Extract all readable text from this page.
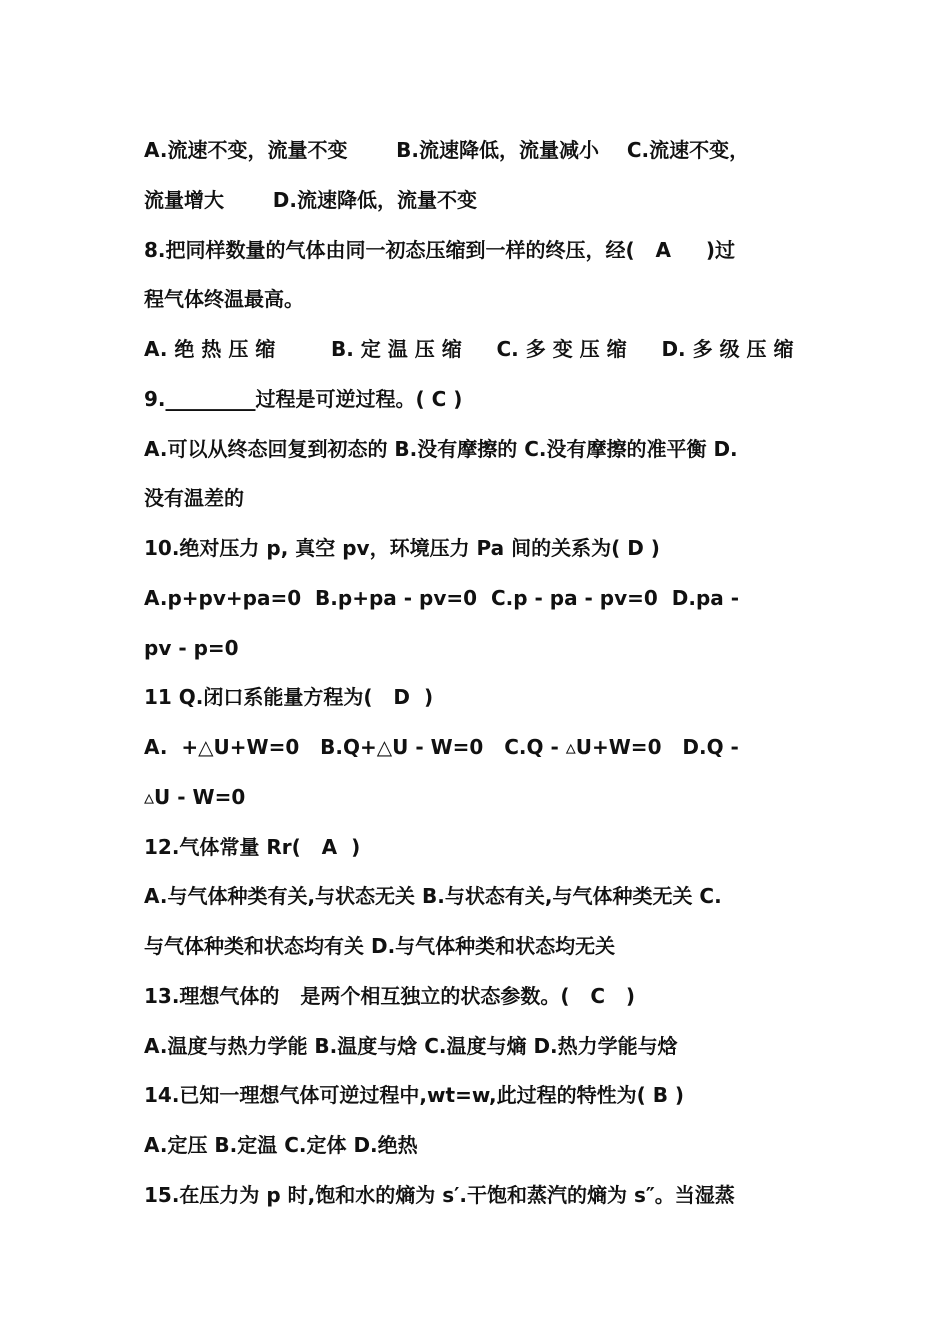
A.流速不变，流量不变       B.流速降低，流量减小    C.流速不变，
流量增大       D.流速降低，流量不变
8.把同样数量的气体由同一初态压缩到一样的终压，经(   A     )过
程气体终温最高。
A. 绝 热 压 缩        B. 定 温 压 缩     C. 多 变 压 缩     D. 多 级 压 缩
9._________过程是可逆过程。( C )
A.可以从终态回复到初态的 B.没有摩擦的 C.没有摩擦的准平衡 D.
没有温差的
10.绝对压力 p, 真空 pv，环境压力 Pa 间的关系为( D )
A.p+pv+pa=0  B.p+pa - pv=0  C.p - pa - pv=0  D.pa -
pv - p=0
11 Q.闭口系能量方程为(   D  )
A.  +△U+W=0   B.Q+△U - W=0   C.Q - ▵U+W=0   D.Q -
▵U - W=0
12.气体常量 Rr(   A  )
A.与气体种类有关,与状态无关 B.与状态有关,与气体种类无关 C.
与气体种类和状态均有关 D.与气体种类和状态均无关
13.理想气体的   是两个相互独立的状态参数。(   C   )
A.温度与热力学能 B.温度与焓 C.温度与熵 D.热力学能与焓
14.已知一理想气体可逆过程中,wt=w,此过程的特性为( B )
A.定压 B.定温 C.定体 D.绝热
15.在压力为 p 时,饱和水的熵为 s′.干饱和蒸汽的熵为 s″。当湿蒸
